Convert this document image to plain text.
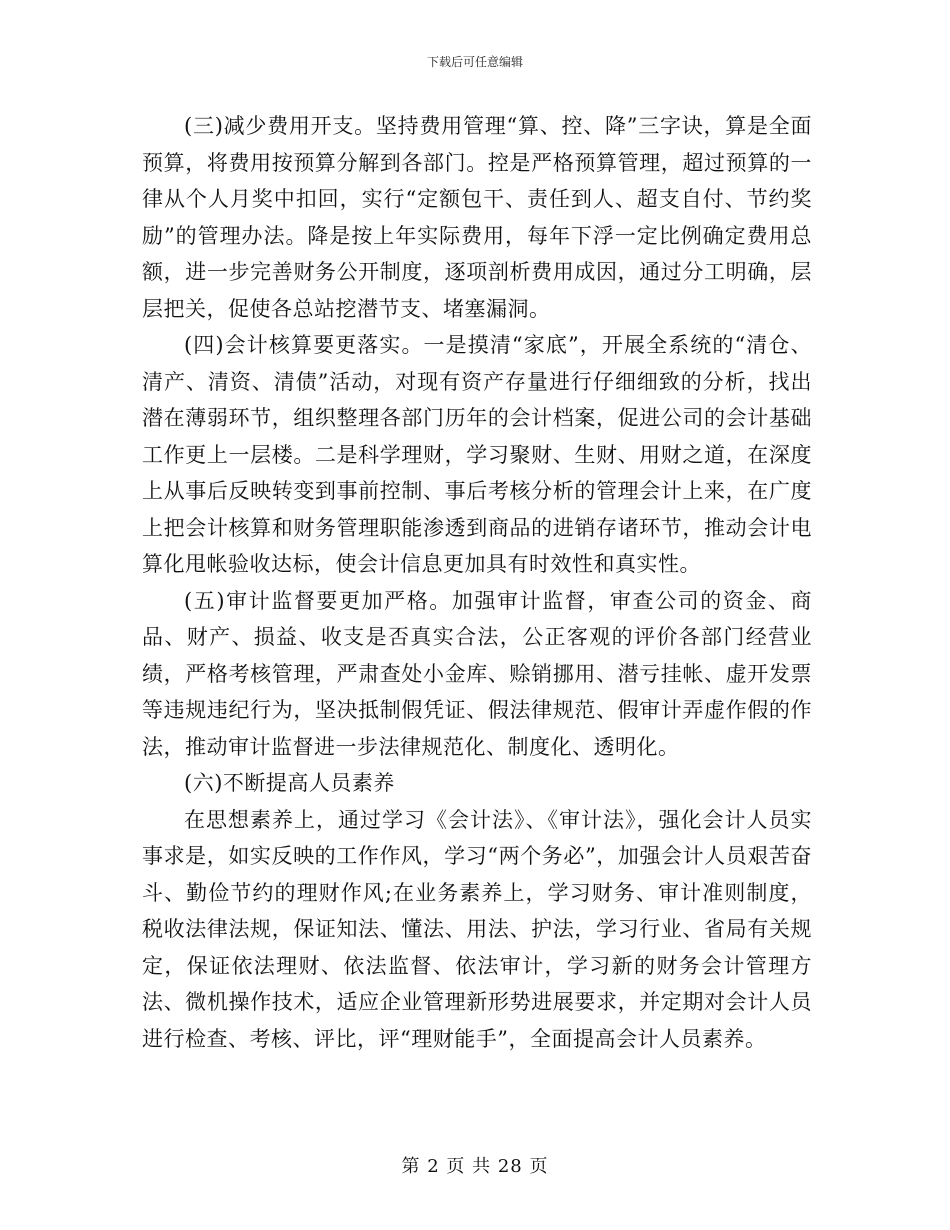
下载后可任意编辑

(三)减少费用开支。坚持费用管理“算、控、降”三字诀，算是全面预算，将费用按预算分解到各部门。控是严格预算管理，超过预算的一律从个人月奖中扣回，实行“定额包干、责任到人、超支自付、节约奖励”的管理办法。降是按上年实际费用，每年下浮一定比例确定费用总额，进一步完善财务公开制度，逐项剖析费用成因，通过分工明确，层层把关，促使各总站挖潜节支、堵塞漏洞。

(四)会计核算要更落实。一是摸清“家底”，开展全系统的“清仓、清产、清资、清债”活动，对现有资产存量进行仔细细致的分析，找出潜在薄弱环节，组织整理各部门历年的会计档案，促进公司的会计基础工作更上一层楼。二是科学理财，学习聚财、生财、用财之道，在深度上从事后反映转变到事前控制、事后考核分析的管理会计上来，在广度上把会计核算和财务管理职能渗透到商品的进销存诸环节，推动会计电算化甩帐验收达标，使会计信息更加具有时效性和真实性。

(五)审计监督要更加严格。加强审计监督，审查公司的资金、商品、财产、损益、收支是否真实合法，公正客观的评价各部门经营业绩，严格考核管理，严肃查处小金库、赊销挪用、潜亏挂帐、虚开发票等违规违纪行为，坚决抵制假凭证、假法律规范、假审计弄虚作假的作法，推动审计监督进一步法律规范化、制度化、透明化。

(六)不断提高人员素养

在思想素养上，通过学习《会计法》、《审计法》，强化会计人员实事求是，如实反映的工作作风，学习“两个务必”，加强会计人员艰苦奋斗、勤俭节约的理财作风;在业务素养上，学习财务、审计准则制度，税收法律法规，保证知法、懂法、用法、护法，学习行业、省局有关规定，保证依法理财、依法监督、依法审计，学习新的财务会计管理方法、微机操作技术，适应企业管理新形势进展要求，并定期对会计人员进行检查、考核、评比，评“理财能手”，全面提高会计人员素养。

第 2 页 共 28 页
